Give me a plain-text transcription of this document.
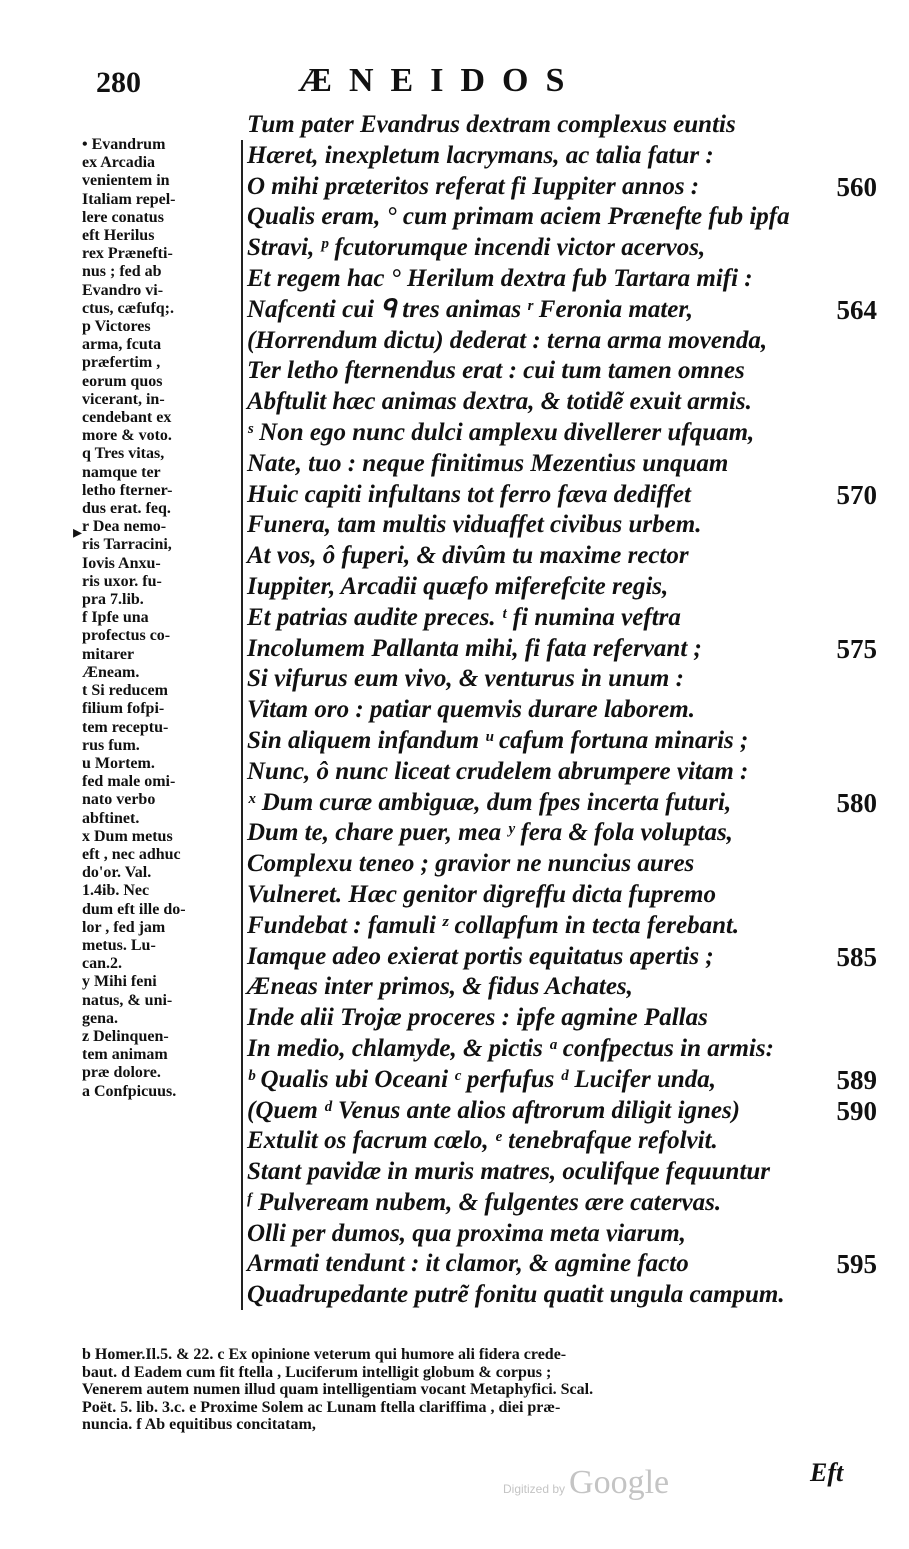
280	ÆNEIDOS
▸

• Evandrum

ex Arcadia

venientem in

Italiam repel-

lere conatus

eft Herilus

rex Prænefti-

nus ; fed ab

Evandro vi-

ctus, cæfufq;.

p Victores

arma, fcuta

præfertim ,

eorum quos

vicerant, in-

cendebant ex

more & voto.

q Tres vitas,

namque ter

letho fterner-

dus erat. feq.

r Dea nemo-

ris Tarracini,

Iovis Anxu-

ris uxor. fu-

pra 7.lib.

f Ipfe una

profectus co-

mitarer

Æneam.

t Si reducem

filium fofpi-

tem receptu-

rus fum.

u Mortem.

fed male omi-

nato verbo

abftinet.

x Dum metus

eft , nec adhuc

do'or. Val.

1.4ib. Nec

dum eft ille do-

lor , fed jam

metus. Lu-

can.2.

y Mihi feni

natus, & uni-

gena.

z Delinquen-

tem animam

præ dolore.

a Confpicuus.

Tum pater Evandrus dextram complexus euntis
Hæret, inexpletum lacrymans, ac talia fatur :
O mihi præteritos referat fi Iuppiter annos :	560
Qualis eram, ° cum primam aciem Prænefte fub ipfa
Stravi, ᵖ fcutorumque incendi victor acervos,
Et regem hac ° Herilum dextra fub Tartara mifi :
Nafcenti cui ᑫ tres animas ʳ Feronia mater,	564
(Horrendum dictu) dederat : terna arma movenda,
Ter letho fternendus erat : cui tum tamen omnes
Abftulit hæc animas dextra, & totidẽ exuit armis.
ˢ Non ego nunc dulci amplexu divellerer ufquam,
Nate, tuo : neque finitimus Mezentius unquam
Huic capiti infultans tot ferro fæva dediffet	570
Funera, tam multis viduaffet civibus urbem.
At vos, ô fuperi, & divûm tu maxime rector
Iuppiter, Arcadii quæfo miferefcite regis,
Et patrias audite preces. ᵗ fi numina veftra
Incolumem Pallanta mihi, fi fata refervant ;	575
Si vifurus eum vivo, & venturus in unum :
Vitam oro : patiar quemvis durare laborem.
Sin aliquem infandum ᵘ cafum fortuna minaris ;
Nunc, ô nunc liceat crudelem abrumpere vitam :
ˣ Dum curæ ambiguæ, dum fpes incerta futuri,	580
Dum te, chare puer, mea ʸ fera & fola voluptas,
Complexu teneo ; gravior ne nuncius aures
Vulneret. Hæc genitor digreffu dicta fupremo
Fundebat : famuli ᶻ collapfum in tecta ferebant.
Iamque adeo exierat portis equitatus apertis ;	585
Æneas inter primos, & fidus Achates,
Inde alii Trojæ proceres : ipfe agmine Pallas
In medio, chlamyde, & pictis ᵃ confpectus in armis:
ᵇ Qualis ubi Oceani ᶜ perfufus ᵈ Lucifer unda,	589
(Quem ᵈ Venus ante alios aftrorum diligit ignes)	590
Extulit os facrum cœlo, ᵉ tenebrafque refolvit.
Stant pavidæ in muris matres, oculifque fequuntur
ᶠ Pulveream nubem, & fulgentes ære catervas.
Olli per dumos, qua proxima meta viarum,
Armati tendunt : it clamor, & agmine facto	595
Quadrupedante putrẽ fonitu quatit ungula campum.

b Homer.Il.5. & 22. c Ex opinione veterum qui humore ali fidera crede-

baut. d Eadem cum fit ftella , Luciferum intelligit globum & corpus ;

Venerem autem numen illud quam intelligentiam vocant Metaphyfici. Scal.

Poët. 5. lib. 3.c. e Proxime Solem ac Lunam ftella clariffima , diei præ-

nuncia. f Ab equitibus concitatam,

Eft
Digitized by Google
